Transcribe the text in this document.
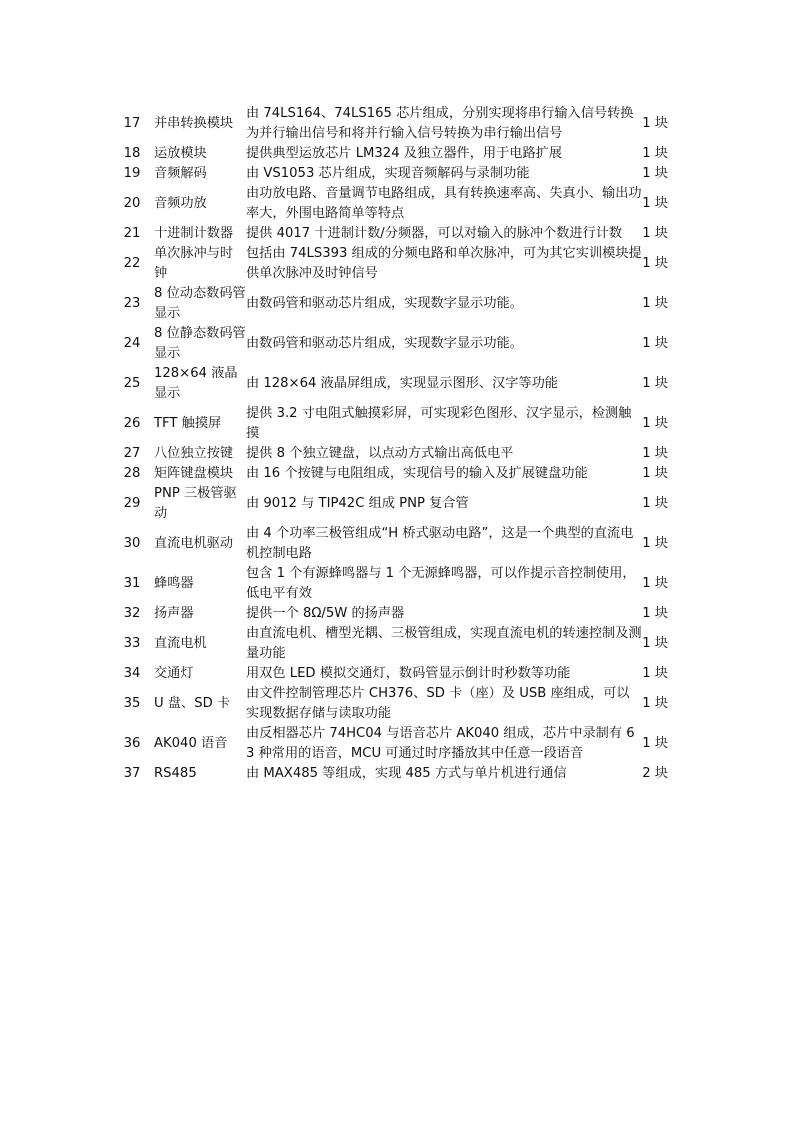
17	并串转换模块	由 74LS164、74LS165 芯片组成，分别实现将串行输入信号转换为并行输出信号和将并行输入信号转换为串行输出信号	1 块
18	运放模块	提供典型运放芯片 LM324 及独立器件，用于电路扩展	1 块
19	音频解码	由 VS1053 芯片组成，实现音频解码与录制功能	1 块
20	音频功放	由功放电路、音量调节电路组成，具有转换速率高、失真小、输出功率大，外围电路简单等特点	1 块
21	十进制计数器	提供 4017 十进制计数/分频器，可以对输入的脉冲个数进行计数	1 块
22	单次脉冲与时钟	包括由 74LS393 组成的分频电路和单次脉冲，可为其它实训模块提供单次脉冲及时钟信号	1 块
23	8 位动态数码管显示	由数码管和驱动芯片组成，实现数字显示功能。	1 块
24	8 位静态数码管显示	由数码管和驱动芯片组成，实现数字显示功能。	1 块
25	128×64 液晶显示	由 128×64 液晶屏组成，实现显示图形、汉字等功能	1 块
26	TFT 触摸屏	提供 3.2 寸电阻式触摸彩屏，可实现彩色图形、汉字显示，检测触摸	1 块
27	八位独立按键	提供 8 个独立键盘，以点动方式输出高低电平	1 块
28	矩阵键盘模块	由 16 个按键与电阻组成，实现信号的输入及扩展键盘功能	1 块
29	PNP 三极管驱动	由 9012 与 TIP42C 组成 PNP 复合管	1 块
30	直流电机驱动	由 4 个功率三极管组成“H 桥式驱动电路”，这是一个典型的直流电机控制电路	1 块
31	蜂鸣器	包含 1 个有源蜂鸣器与 1 个无源蜂鸣器，可以作提示音控制使用，低电平有效	1 块
32	扬声器	提供一个 8Ω/5W 的扬声器	1 块
33	直流电机	由直流电机、槽型光耦、三极管组成，实现直流电机的转速控制及测量功能	1 块
34	交通灯	用双色 LED 模拟交通灯，数码管显示倒计时秒数等功能	1 块
35	U 盘、SD 卡	由文件控制管理芯片 CH376、SD 卡（座）及 USB 座组成，可以实现数据存储与读取功能	1 块
36	AK040 语音	由反相器芯片 74HC04 与语音芯片 AK040 组成，芯片中录制有 63 种常用的语音，MCU 可通过时序播放其中任意一段语音	1 块
37	RS485	由 MAX485 等组成，实现 485 方式与单片机进行通信	2 块
